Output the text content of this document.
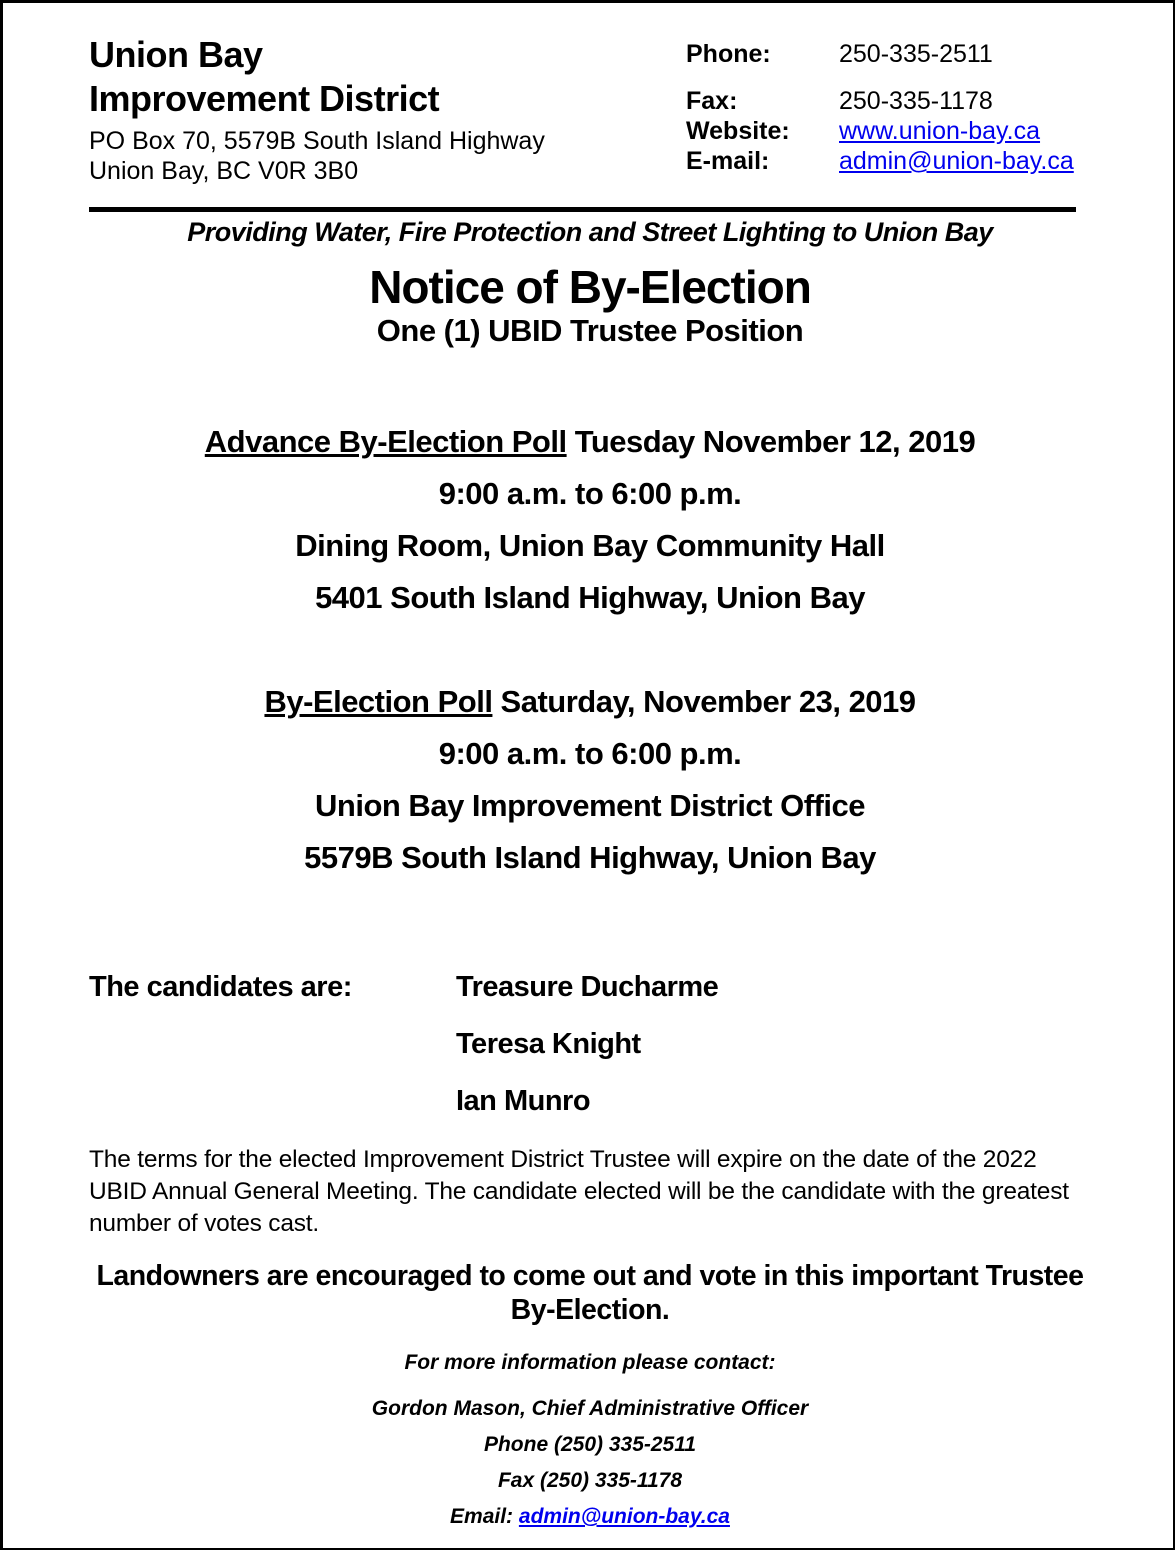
Union Bay
Improvement District
PO Box 70, 5579B South Island Highway
Union Bay, BC V0R 3B0
Phone:	250-335-2511
Fax:	250-335-1178
Website:	www.union-bay.ca
E-mail:	admin@union-bay.ca
Providing Water, Fire Protection and Street Lighting to Union Bay
Notice of By-Election
One (1) UBID Trustee Position
Advance By-Election Poll Tuesday November 12, 2019
9:00 a.m. to 6:00 p.m.
Dining Room, Union Bay Community Hall
5401 South Island Highway, Union Bay
By-Election Poll Saturday, November 23, 2019
9:00 a.m. to 6:00 p.m.
Union Bay Improvement District Office
5579B South Island Highway, Union Bay
The candidates are:	Treasure Ducharme
Teresa Knight
Ian Munro
The terms for the elected Improvement District Trustee will expire on the date of the 2022 UBID Annual General Meeting. The candidate elected will be the candidate with the greatest number of votes cast.
Landowners are encouraged to come out and vote in this important Trustee By-Election.
For more information please contact:
Gordon Mason, Chief Administrative Officer
Phone (250) 335-2511
Fax (250) 335-1178
Email: admin@union-bay.ca
